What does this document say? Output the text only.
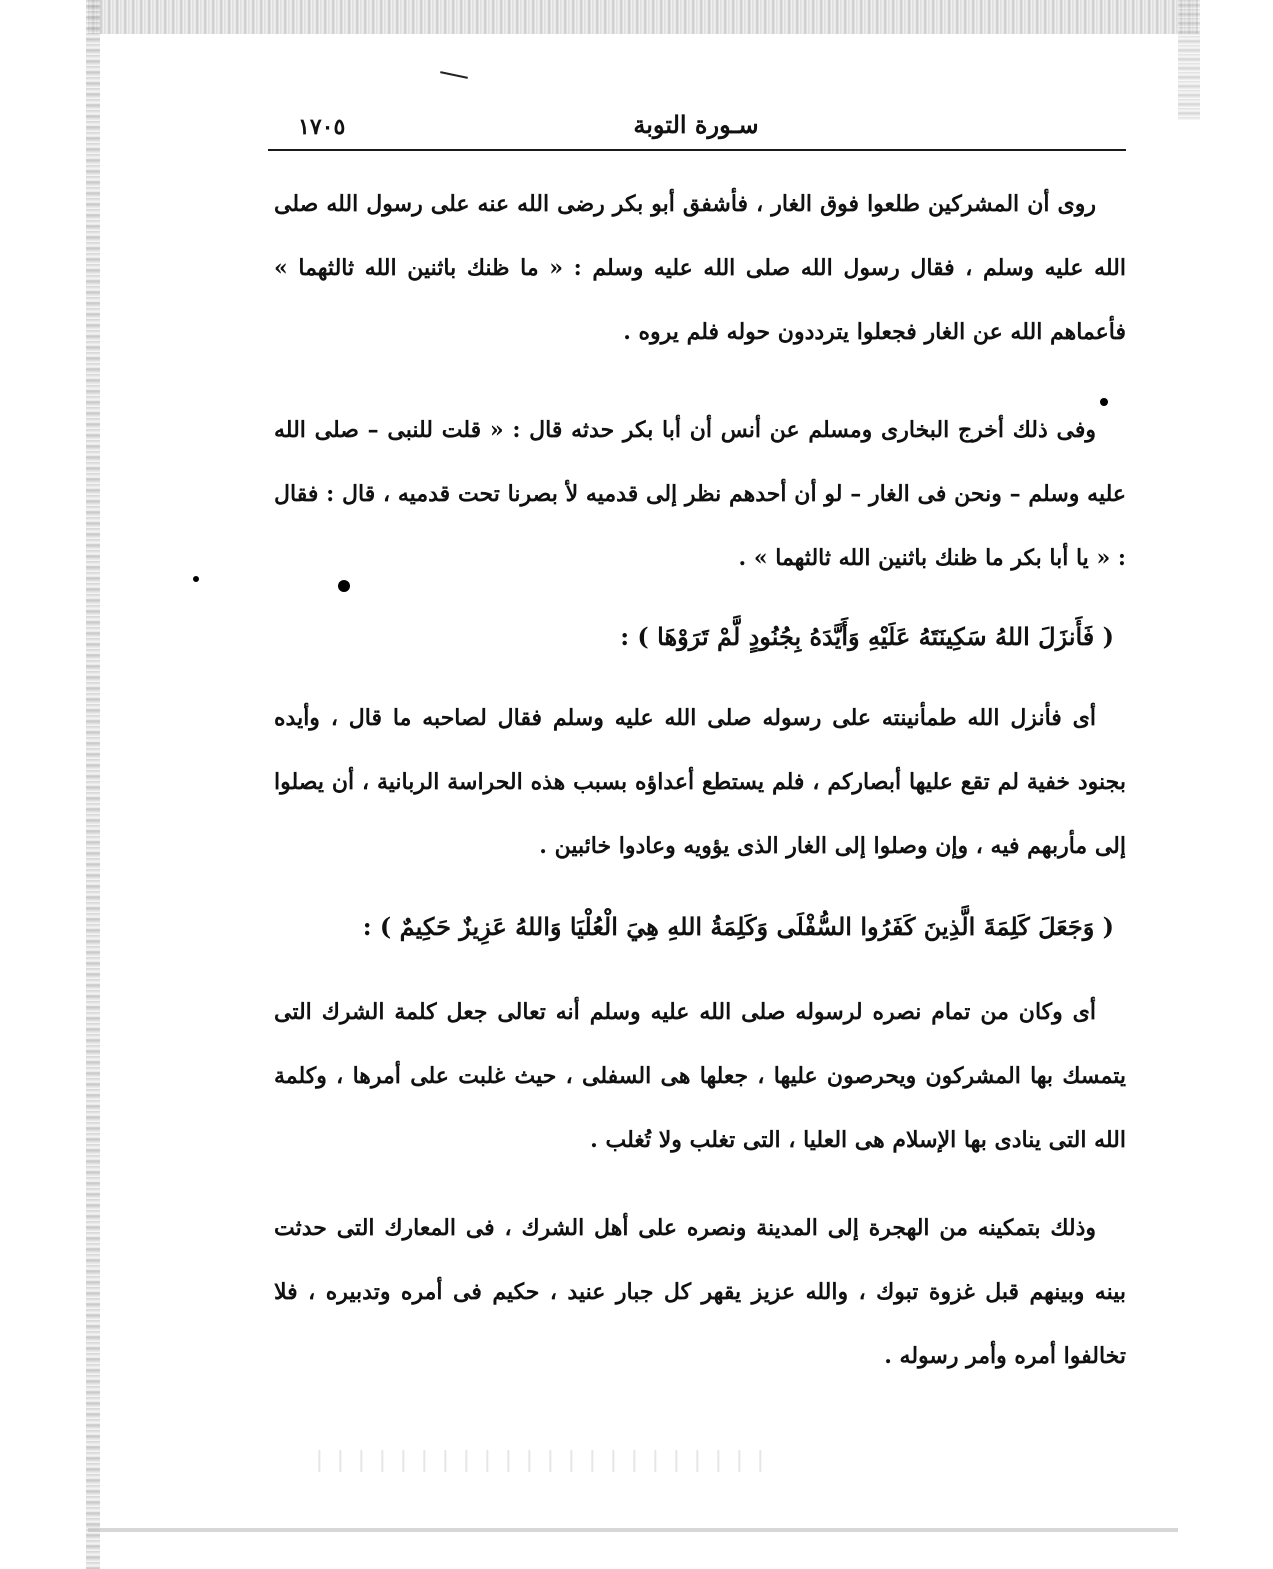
١٧٠٥	سـورة التوبة
روى أن المشركين طلعوا فوق الغار ، فأشفق أبو بكر رضى الله عنه على رسول الله صلى الله عليه وسلم ، فقال رسول الله صلى الله عليه وسلم : « ما ظنك باثنين الله ثالثهما » فأعماهم الله عن الغار فجعلوا يترددون حوله فلم يروه .
وفى ذلك أخرج البخارى ومسلم عن أنس أن أبا بكر حدثه قال : « قلت للنبى – صلى الله عليه وسلم – ونحن فى الغار – لو أن أحدهم نظر إلى قدميه لأ بصرنا تحت قدميه ، قال : فقال : « يا أبا بكر ما ظنك باثنين الله ثالثهما » .
( فَأَنزَلَ اللهُ سَكِينَتَهُ عَلَيْهِ وَأَيَّدَهُ بِجُنُودٍ لَّمْ تَرَوْهَا ) :
أى فأنزل الله طمأنينته على رسوله صلى الله عليه وسلم فقال لصاحبه ما قال ، وأيده بجنود خفية لم تقع عليها أبصاركم ، فلم يستطع أعداؤه بسبب هذه الحراسة الربانية ، أن يصلوا إلى مأربهم فيه ، وإن وصلوا إلى الغار الذى يؤويه وعادوا خائبين .
( وَجَعَلَ كَلِمَةَ الَّذِينَ كَفَرُوا السُّفْلَى وَكَلِمَةُ اللهِ هِيَ الْعُلْيَا وَاللهُ عَزِيزٌ حَكِيمٌ ) :
أى وكان من تمام نصره لرسوله صلى الله عليه وسلم أنه تعالى جعل كلمة الشرك التى يتمسك بها المشركون ويحرصون عليها ، جعلها هى السفلى ، حيث غلبت على أمرها ، وكلمة الله التى ينادى بها الإسلام هى العليا ، التى تغلب ولا تُغلب .
وذلك بتمكينه من الهجرة إلى المدينة ونصره على أهل الشرك ، فى المعارك التى حدثت بينه وبينهم قبل غزوة تبوك ، والله عزيز يقهر كل جبار عنيد ، حكيم فى أمره وتدبيره ، فلا تخالفوا أمره وأمر رسوله .
